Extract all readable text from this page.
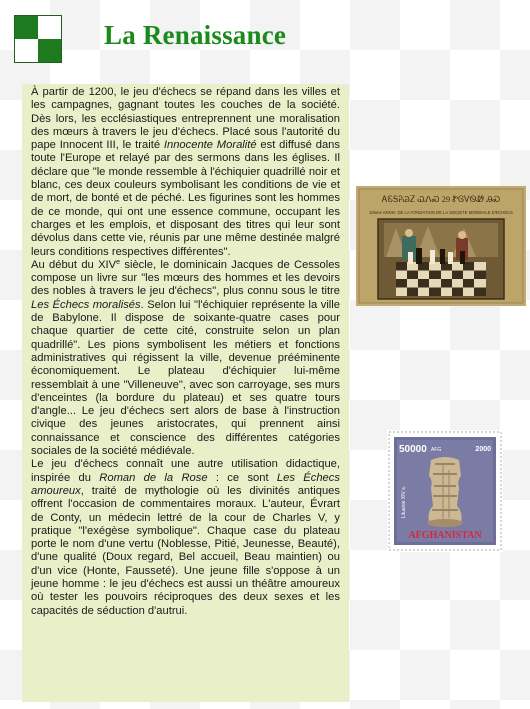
La Renaissance

À partir de 1200, le jeu d'échecs se répand dans les villes et les campagnes, gagnant toutes les couches de la société. Dès lors, les ecclésiastiques entreprennent une moralisation des mœurs à travers le jeu d'échecs. Placé sous l'autorité du pape Innocent III, le traité Innocente Moralité est diffusé dans toute l'Europe et relayé par des sermons dans les églises. Il déclare que "le monde ressemble à l'échiquier quadrillé noir et blanc, ces deux couleurs symbolisant les conditions de vie et de mort, de bonté et de péché. Les figurines sont les hommes de ce monde, qui ont une essence commune, occupant les charges et les emplois, et disposant des titres qui leur sont dévolus dans cette vie, réunis par une même destinée malgré leurs conditions respectives différentes".

Au début du XIVe siècle, le dominicain Jacques de Cessoles compose un livre sur "les mœurs des hommes et les devoirs des nobles à travers le jeu d'échecs", plus connu sous le titre Les Échecs moralisés. Selon lui "l'échiquier représente la ville de Babylone. Il dispose de soixante-quatre cases pour chaque quartier de cette cité, construite selon un plan quadrillé". Les pions symbolisent les métiers et fonctions administratives qui régissent la ville, devenue prééminente économiquement. Le plateau d'échiquier lui-même ressemblait à une "Villeneuve", avec son carroyage, ses murs d'enceintes (la bordure du plateau) et ses quatre tours d'angle... Le jeu d'échecs sert alors de base à l'instruction civique des jeunes aristocrates, qui prennent ainsi connaissance et conscience des différentes catégories sociales de la société médiévale.

Le jeu d'échecs connaît une autre utilisation didactique, inspirée du Roman de la Rose : ce sont Les Échecs amoureux, traité de mythologie où les divinités antiques offrent l'occasion de commentaires moraux. L'auteur, Évrart de Conty, un médecin lettré de la cour de Charles V, y pratique "l'exégèse symbolique". Chaque case du plateau porte le nom d'une vertu (Noblesse, Pitié, Jeunesse, Beauté), d'une qualité (Doux regard, Bel accueil, Beau maintien) ou d'un vice (Honte, Fausseté). Une jeune fille s'oppose à un jeune homme : le jeu d'échecs est aussi un théâtre amoureux où tester les pouvoirs réciproques des deux sexes et les capacités de séduction d'autrui.

ᎪᏋᎦᎮᏊᏃ ᏇᏁᏍ 29 ᏑᎶᏙᏫᏪ ᎯᏍ
10ème ANNIV. DE LA FONDATION DE LA SOCIETE MONDIALE D'ECHECS
50000 AFG	2000
Lituanie XIV s.
AFGHANISTAN
